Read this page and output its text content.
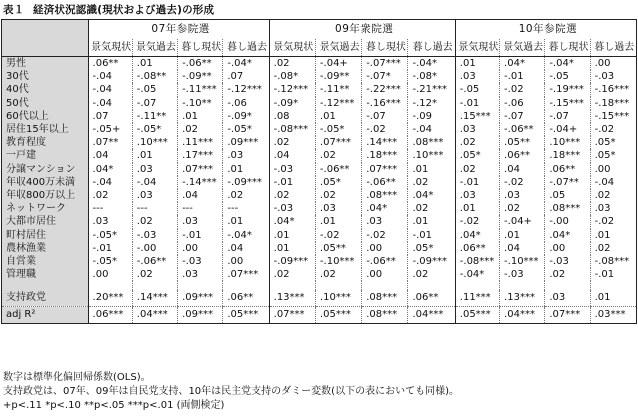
表１ 経済状況認識(現状および過去)の形成
	07年参院選				09年衆院選				10年参院選			
	景気現状	景気過去	暮し現状	暮し過去	景気現状	景気過去	暮し現状	暮し過去	景気現状	景気過去	暮し現状	暮し過去
男性	.06**	.01	-.06**	-.04*	.02	-.04+	-.07***	-.04*	.01	.04*	-.04*	.00
30代	-.04	-.08**	-.09**	.07	-.08*	-.09**	-.07*	-.08*	.03	-.01	-.05	-.03
40代	-.04	-.05	-.11***	-.12***	-.12***	-.11**	-.22***	-.21***	-.05	-.02	-.19***	-.16***
50代	-.04	-.07	-.10**	-.06	-.09*	-.12***	-.16***	-.12*	-.01	-.06	-.15***	-.18***
60代以上	.07	-.11**	.01	-.09*	.08	.01	-.07	-.09	.15***	-.07	-.07	-.15***
居住15年以上	-.05+	-.05*	.02	-.05*	-.08***	-.05*	-.02	-.04	.03	-.06**	-.04+	-.02
教育程度	.07**	.10***	.11***	.09***	.02	.07***	.14***	.08***	.02	.05**	.10***	.05*
一戸建	.04	.01	.17***	.03	.04	.02	.18***	.10***	.05*	.06**	.18***	.05*
分譲マンション	.04*	.03	.07***	.01	-.03	-.06**	.07***	.01	.02	.04	.06**	.00
年収400万未満	-.04	-.04	-.14***	-.09***	-.01	.05*	-.06**	.02	-.01	-.02	-.07**	-.04
年収800万以上	.02	.03	.04	.02	.02	.02	.08***	.04*	.03	.03	.05	.02
ネットワーク	---	---	---	---	-.03	.03	.04*	.02	.01	.02	.08***	.03
大都市居住	.03	.02	.03	.01	.04*	.01	.03	.01	-.02	-.04+	-.00	-.02
町村居住	-.05*	-.03	-.01	-.04*	.01	-.02	-.02	-.01	.04*	.01	.04*	.01
農林漁業	-.01	-.00	.00	.04	.01	.05**	.00	.05*	.06**	.04	.00	.02
自営業	-.05*	-.06**	-.03	.00	-.09***	-.10***	-.06**	-.09***	-.08***	-.10***	-.03	-.08***
管理職	.00	.02	.03	.07***	.02	.02	.00	.02	-.04*	-.03	.02	-.01

支持政党	.20***	.14***	.09***	.06**	.13***	.10***	.08***	.06**	.11***	.13***	.03	.01
adj R²	.06***	.04***	.09***	.05***	.07***	.05***	.08***	.04***	.05***	.04***	.07***	.03***
数字は標準化偏回帰係数(OLS)。
支持政党は、07年、09年は自民党支持、10年は民主党支持のダミー変数(以下の表においても同様)。
+p<.11 *p<.10 **p<.05 ***p<.01 (両側検定)
